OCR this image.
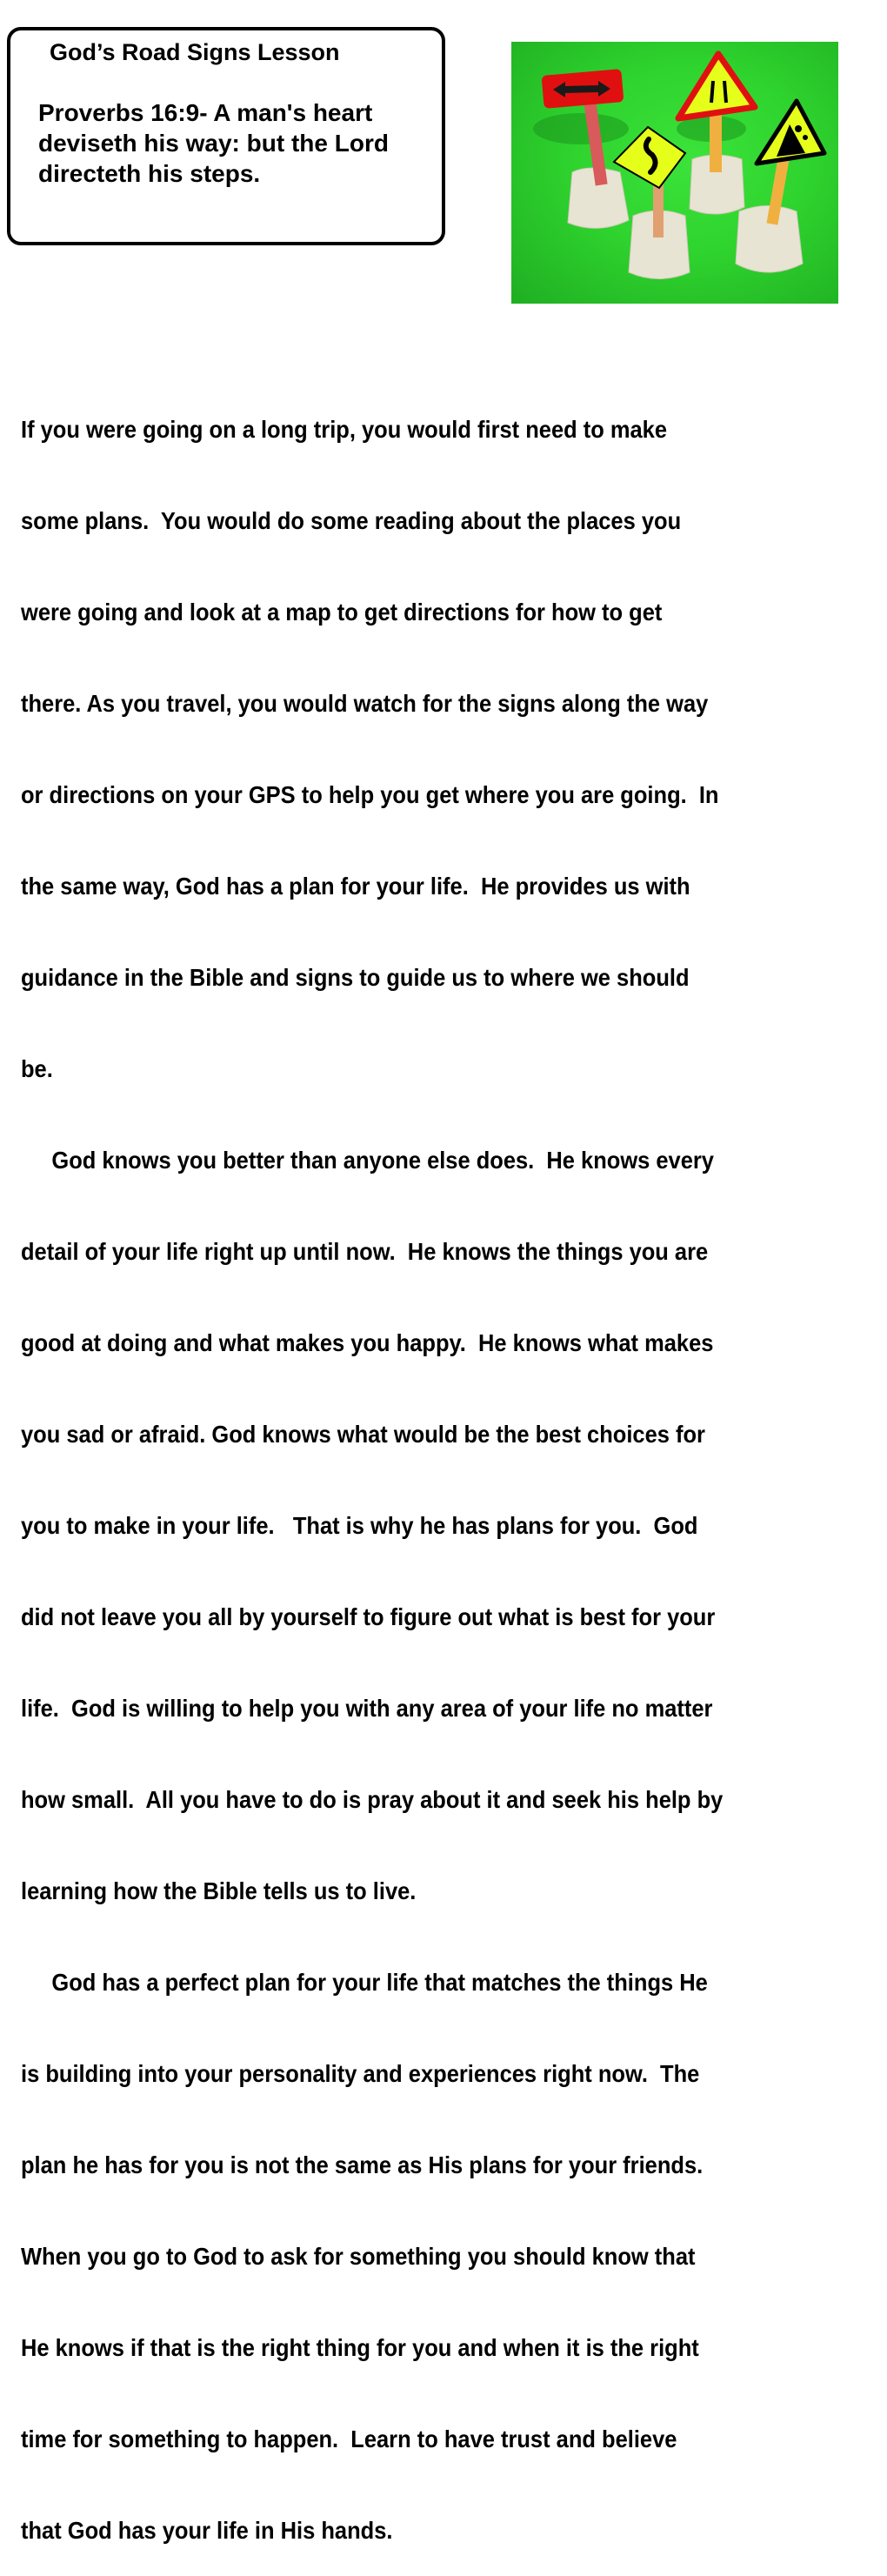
God’s Road Signs Lesson
Proverbs 16:9- A man's heart
deviseth his way: but the Lord
directeth his steps.

If you were going on a long trip, you would first need to make

some plans.  You would do some reading about the places you

were going and look at a map to get directions for how to get

there. As you travel, you would watch for the signs along the way

or directions on your GPS to help you get where you are going.  In

the same way, God has a plan for your life.  He provides us with

guidance in the Bible and signs to guide us to where we should

be.

God knows you better than anyone else does.  He knows every

detail of your life right up until now.  He knows the things you are

good at doing and what makes you happy.  He knows what makes

you sad or afraid. God knows what would be the best choices for

you to make in your life.   That is why he has plans for you.  God

did not leave you all by yourself to figure out what is best for your

life.  God is willing to help you with any area of your life no matter

how small.  All you have to do is pray about it and seek his help by

learning how the Bible tells us to live.

God has a perfect plan for your life that matches the things He

is building into your personality and experiences right now.  The

plan he has for you is not the same as His plans for your friends.

When you go to God to ask for something you should know that

He knows if that is the right thing for you and when it is the right

time for something to happen.  Learn to have trust and believe

that God has your life in His hands.
